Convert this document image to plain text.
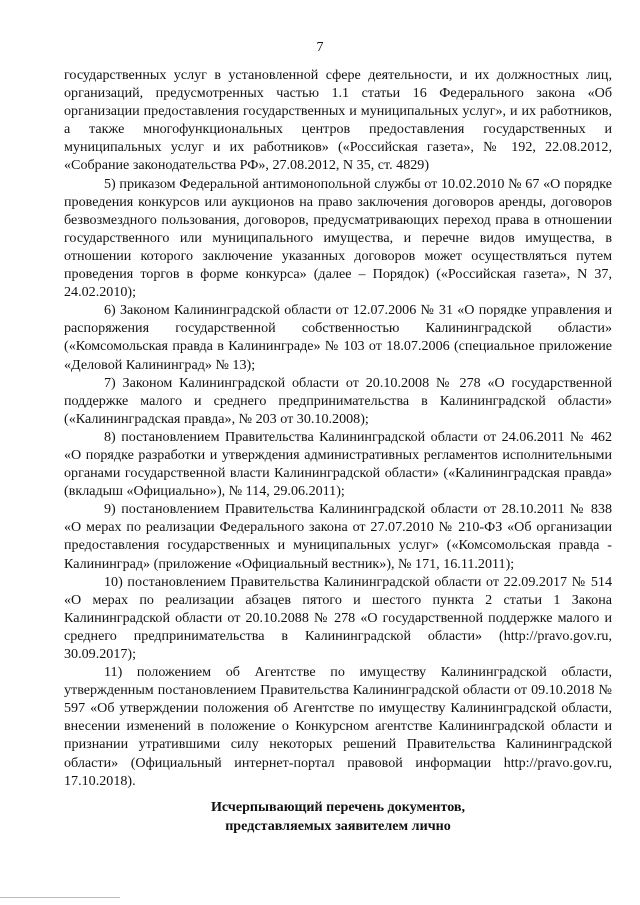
7

государственных услуг в установленной сфере деятельности, и их должностных лиц, организаций, предусмотренных частью 1.1 статьи 16 Федерального закона «Об организации предоставления государственных и муниципальных услуг», и их работников, а также многофункциональных центров предоставления государственных и муниципальных услуг и их работников» («Российская газета», № 192, 22.08.2012, «Собрание законодательства РФ», 27.08.2012, N 35, ст. 4829)

5) приказом Федеральной антимонопольной службы от 10.02.2010 № 67 «О порядке проведения конкурсов или аукционов на право заключения договоров аренды, договоров безвозмездного пользования, договоров, предусматривающих переход права в отношении государственного или муниципального имущества, и перечне видов имущества, в отношении которого заключение указанных договоров может осуществляться путем проведения торгов в форме конкурса» (далее – Порядок) («Российская газета», N 37, 24.02.2010);

6) Законом Калининградской области от 12.07.2006 № 31 «О порядке управления и распоряжения государственной собственностью Калининградской области» («Комсомольская правда в Калининграде» № 103 от 18.07.2006 (специальное приложение «Деловой Калининград» № 13);

7) Законом Калининградской области от 20.10.2008 № 278 «О государственной поддержке малого и среднего предпринимательства в Калининградской области» («Калининградская правда», № 203 от 30.10.2008);

8) постановлением Правительства Калининградской области от 24.06.2011 № 462 «О порядке разработки и утверждения административных регламентов исполнительными органами государственной власти Калининградской области» («Калининградская правда» (вкладыш «Официально»), № 114, 29.06.2011);

9) постановлением Правительства Калининградской области от 28.10.2011 № 838 «О мерах по реализации Федерального закона от 27.07.2010 № 210-ФЗ «Об организации предоставления государственных и муниципальных услуг» («Комсомольская правда - Калининград» (приложение «Официальный вестник»), № 171, 16.11.2011);

10) постановлением Правительства Калининградской области от 22.09.2017 № 514 «О мерах по реализации абзацев пятого и шестого пункта 2 статьи 1 Закона Калининградской области от 20.10.2088 № 278 «О государственной поддержке малого и среднего предпринимательства в Калининградской области» (http://pravo.gov.ru, 30.09.2017);

11) положением об Агентстве по имуществу Калининградской области, утвержденным постановлением Правительства Калининградской области от 09.10.2018 № 597 «Об утверждении положения об Агентстве по имуществу Калининградской области, внесении изменений в положение о Конкурсном агентстве Калининградской области и признании утратившими силу некоторых решений Правительства Калининградской области» (Официальный интернет-портал правовой информации http://pravo.gov.ru, 17.10.2018).

Исчерпывающий перечень документов,
представляемых заявителем лично
